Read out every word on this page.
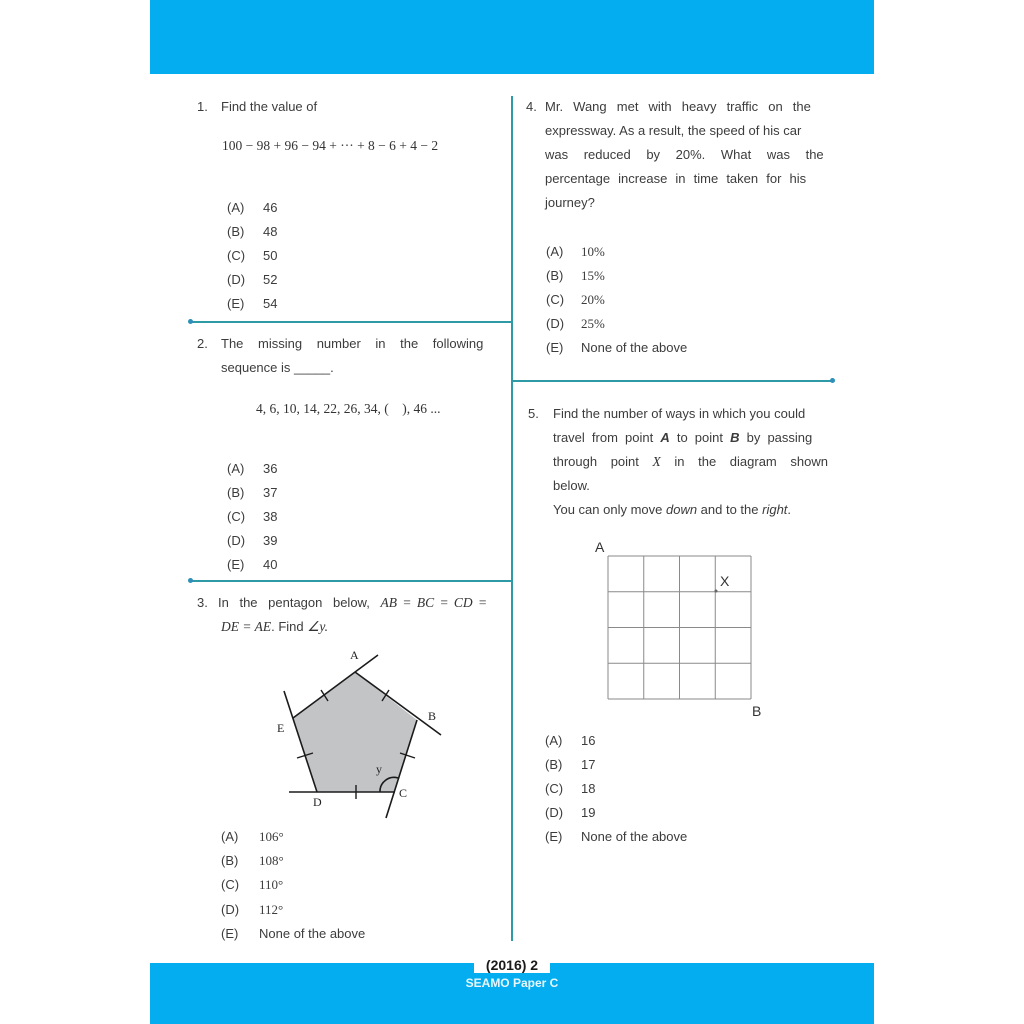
(2016) 2
SEAMO Paper C
1. Find the value of
100 − 98 + 96 − 94 + ··· + 8 − 6 + 4 − 2
(A) 46
(B) 48
(C) 50
(D) 52
(E) 54
2. The missing number in the following
sequence is _____.
4, 6, 10, 14, 22, 26, 34, (    ), 46 ...
(A) 36
(B) 37
(C) 38
(D) 39
(E) 40
3. In the pentagon below, AB = BC = CD =
DE = AE. Find ∠y.
A
B
C
D
E
y
(A) 106°
(B) 108°
(C) 110°
(D) 112°
(E) None of the above
4. Mr. Wang met with heavy traffic on the
expressway. As a result, the speed of his car
was reduced by 20%. What was the
percentage increase in time taken for his
journey?
(A) 10%
(B) 15%
(C) 20%
(D) 25%
(E) None of the above
5. Find the number of ways in which you could
travel from point A to point B by passing
through point X in the diagram shown
below.
You can only move down and to the right.
A
X
B
(A) 16
(B) 17
(C) 18
(D) 19
(E) None of the above
